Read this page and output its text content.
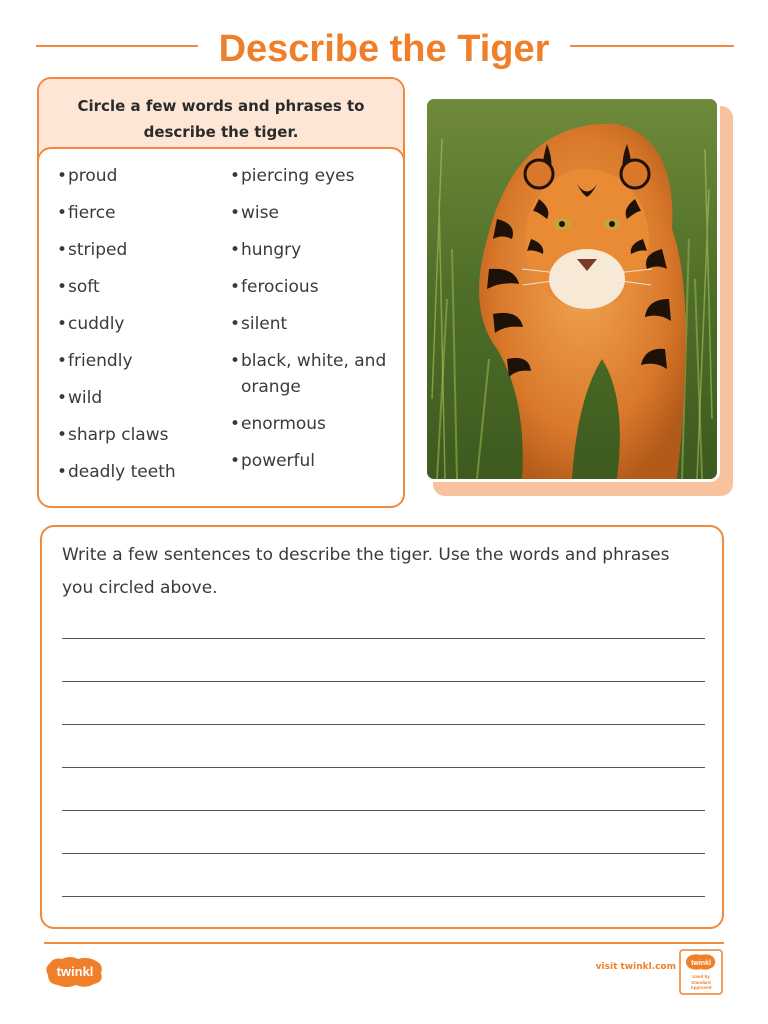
Describe the Tiger
Circle a few words and phrases to describe the tiger.
• proud
• fierce
• striped
• soft
• cuddly
• friendly
• wild
• sharp claws
• deadly teeth
• piercing eyes
• wise
• hungry
• ferocious
• silent
• black, white, and orange
• enormous
• powerful

Write a few sentences to describe the tiger. Use the words and phrases you circled above.

twinkl	visit twinkl.com twinkl
Used by Standard Approved
